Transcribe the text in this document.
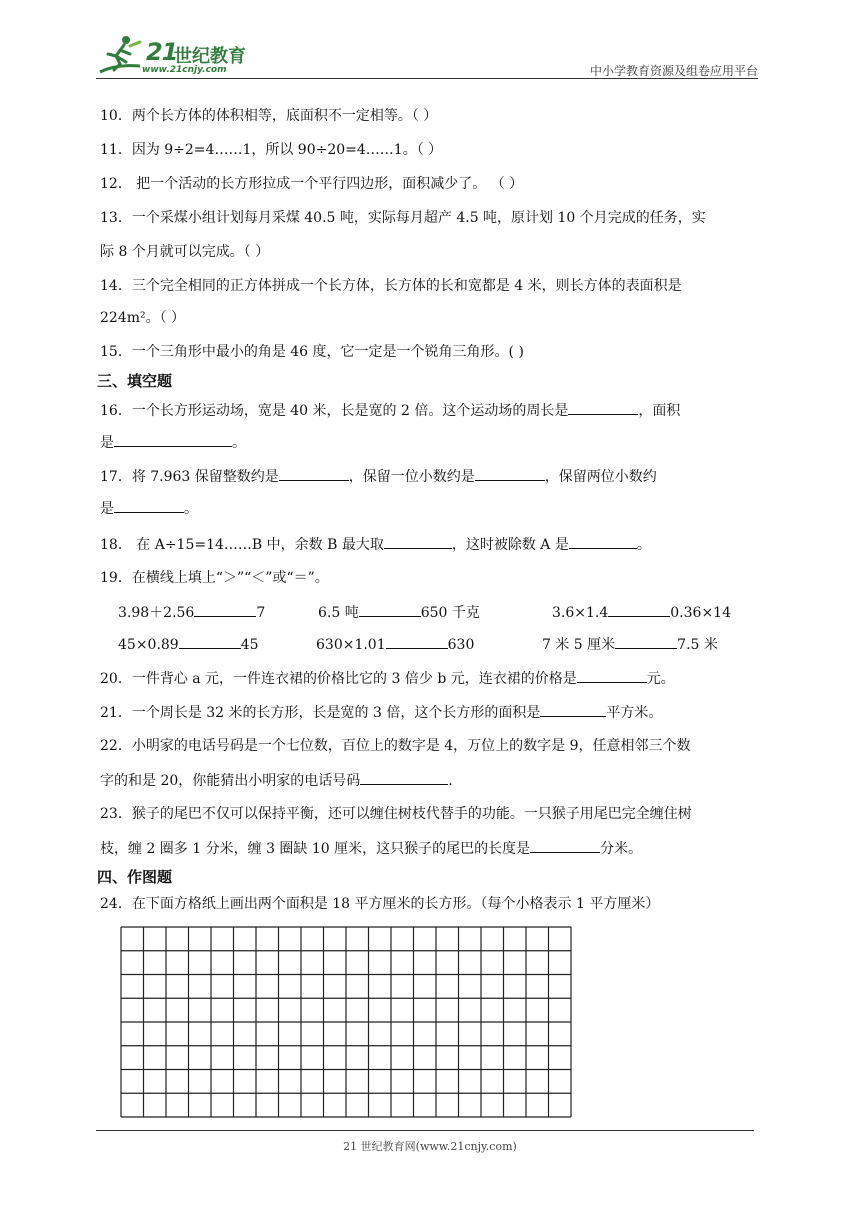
21
世纪教育
www.21cnjy.com	中小学教育资源及组卷应用平台
10．两个长方体的体积相等，底面积不一定相等。（ ）
11．因为 9÷2=4……1，所以 90÷20=4……1。（ ）
12． 把一个活动的长方形拉成一个平行四边形，面积减少了。 （ ）
13．一个采煤小组计划每月采煤 40.5 吨，实际每月超产 4.5 吨，原计划 10 个月完成的任务，实
际 8 个月就可以完成。（ ）
14．三个完全相同的正方体拼成一个长方体，长方体的长和宽都是 4 米，则长方体的表面积是
224m²。（ ）
15．一个三角形中最小的角是 46 度，它一定是一个锐角三角形。( )
三、填空题
16．一个长方形运动场，宽是 40 米，长是宽的 2 倍。这个运动场的周长是	，面积
是	。
17．将 7.963 保留整数约是	，保留一位小数约是	，保留两位小数约
是	。
18． 在 A÷15=14……B 中，余数 B 最大取	，这时被除数 A 是	。
19．在横线上填上“＞”“＜”或“＝”。
3.98＋2.56	7	6.5 吨	650 千克	3.6×1.4	0.36×14
45×0.89	45	630×1.01	630	7 米 5 厘米	7.5 米
20．一件背心 a 元，一件连衣裙的价格比它的 3 倍少 b 元，连衣裙的价格是	元。
21．一个周长是 32 米的长方形，长是宽的 3 倍，这个长方形的面积是	平方米。
22．小明家的电话号码是一个七位数，百位上的数字是 4，万位上的数字是 9，任意相邻三个数
字的和是 20，你能猜出小明家的电话号码	.
23．猴子的尾巴不仅可以保持平衡，还可以缠住树枝代替手的功能。一只猴子用尾巴完全缠住树
枝，缠 2 圈多 1 分米，缠 3 圈缺 10 厘米，这只猴子的尾巴的长度是	分米。
四、作图题
24．在下面方格纸上画出两个面积是 18 平方厘米的长方形。（每个小格表示 1 平方厘米）
21 世纪教育网(www.21cnjy.com)
